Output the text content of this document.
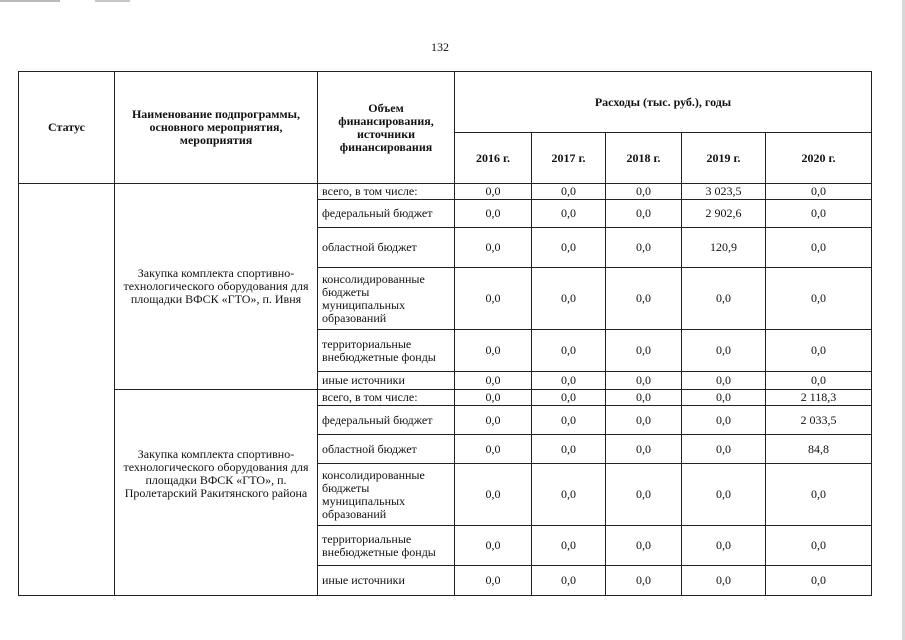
132
Статус	Наименование подпрограммы, основного мероприятия, мероприятия	Объем финансирования, источники финансирования	Расходы (тыс. руб.), годы				
			2016 г.	2017 г.	2018 г.	2019 г.	2020 г.
	Закупка комплекта спортивно-технологического оборудования для площадки ВФСК «ГТО», п. Ивня	всего, в том числе:	0,0	0,0	0,0	3 023,5	0,0
		федеральный бюджет	0,0	0,0	0,0	2 902,6	0,0
		областной бюджет	0,0	0,0	0,0	120,9	0,0
		консолидированные бюджеты муниципальных образований	0,0	0,0	0,0	0,0	0,0
		территориальные внебюджетные фонды	0,0	0,0	0,0	0,0	0,0
		иные источники	0,0	0,0	0,0	0,0	0,0
	Закупка комплекта спортивно-технологического оборудования для площадки ВФСК «ГТО», п. Пролетарский Ракитянского района	всего, в том числе:	0,0	0,0	0,0	0,0	2 118,3
		федеральный бюджет	0,0	0,0	0,0	0,0	2 033,5
		областной бюджет	0,0	0,0	0,0	0,0	84,8
		консолидированные бюджеты муниципальных образований	0,0	0,0	0,0	0,0	0,0
		территориальные внебюджетные фонды	0,0	0,0	0,0	0,0	0,0
		иные источники	0,0	0,0	0,0	0,0	0,0
